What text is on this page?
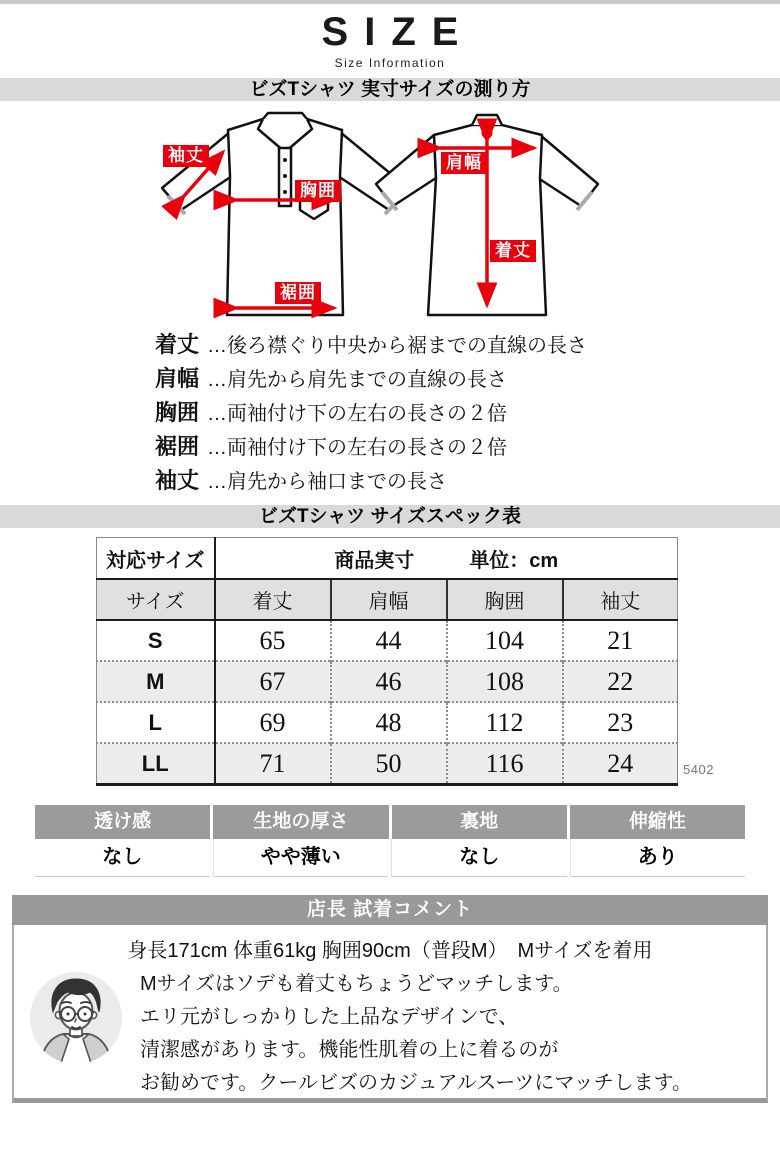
SIZE
Size Information
ビズTシャツ 実寸サイズの測り方
袖丈
胸囲
裾囲
肩幅
着丈
着丈 …後ろ襟ぐり中央から裾までの直線の長さ
肩幅 …肩先から肩先までの直線の長さ
胸囲 …両袖付け下の左右の長さの２倍
裾囲 …両袖付け下の左右の長さの２倍
袖丈 …肩先から袖口までの長さ
ビズTシャツ サイズスペック表
対応サイズ	商品実寸 単位：cm			

サイズ	着丈	肩幅	胸囲	袖丈
S	65	44	104	21
M	67	46	108	22
L	69	48	112	23
LL	71	50	116	24	5402
透け感	生地の厚さ	裏地	伸縮性
なし	やや薄い	なし	あり
店長 試着コメント
身長171cm 体重61kg 胸囲90cm（普段M）　Mサイズを着用
Mサイズはソデも着丈もちょうどマッチします。
エリ元がしっかりした上品なデザインで、
清潔感があります。機能性肌着の上に着るのが
お勧めです。クールビズのカジュアルスーツにマッチします。
